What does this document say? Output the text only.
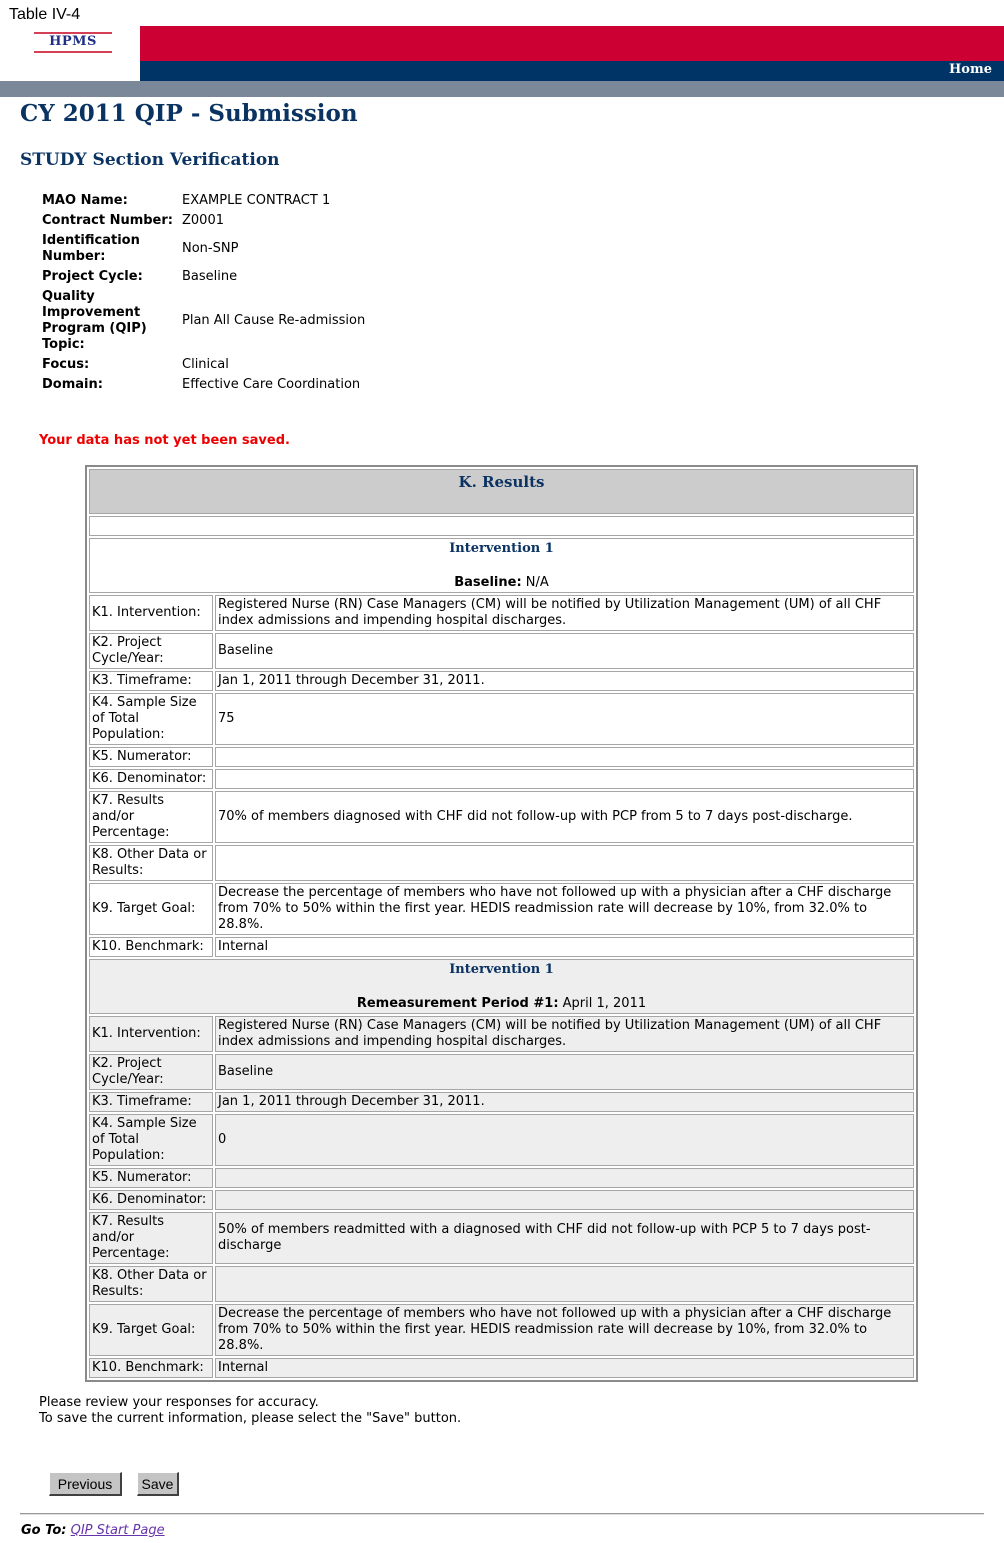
Table IV-4
HPMS
Home
CY 2011 QIP - Submission
STUDY Section Verification
MAO Name:	EXAMPLE CONTRACT 1
Contract Number:	Z0001
Identification Number:	Non-SNP
Project Cycle:	Baseline
Quality Improvement Program (QIP) Topic:	Plan All Cause Re-admission
Focus:	Clinical
Domain:	Effective Care Coordination
Your data has not yet been saved.
K. Results	

Intervention 1
Baseline: N/A	
K1. Intervention:	Registered Nurse (RN) Case Managers (CM) will be notified by Utilization Management (UM) of all CHF index admissions and impending hospital discharges.
K2. Project Cycle/Year:	Baseline
K3. Timeframe:	Jan 1, 2011 through December 31, 2011.
K4. Sample Size of Total Population:	75
K5. Numerator:	
K6. Denominator:	
K7. Results and/or Percentage:	70% of members diagnosed with CHF did not follow-up with PCP from 5 to 7 days post-discharge.
K8. Other Data or Results:	
K9. Target Goal:	Decrease the percentage of members who have not followed up with a physician after a CHF discharge from 70% to 50% within the first year. HEDIS readmission rate will decrease by 10%, from 32.0% to 28.8%.
K10. Benchmark:	Internal

Intervention 1
Remeasurement Period #1: April 1, 2011	
K1. Intervention:	Registered Nurse (RN) Case Managers (CM) will be notified by Utilization Management (UM) of all CHF index admissions and impending hospital discharges.
K2. Project Cycle/Year:	Baseline
K3. Timeframe:	Jan 1, 2011 through December 31, 2011.
K4. Sample Size of Total Population:	0
K5. Numerator:	
K6. Denominator:	
K7. Results and/or Percentage:	50% of members readmitted with a diagnosed with CHF did not follow-up with PCP 5 to 7 days post-discharge
K8. Other Data or Results:	
K9. Target Goal:	Decrease the percentage of members who have not followed up with a physician after a CHF discharge from 70% to 50% within the first year. HEDIS readmission rate will decrease by 10%, from 32.0% to 28.8%.
K10. Benchmark:	Internal
Please review your responses for accuracy.
To save the current information, please select the "Save" button.
Previous	Save
Go To: QIP Start Page
